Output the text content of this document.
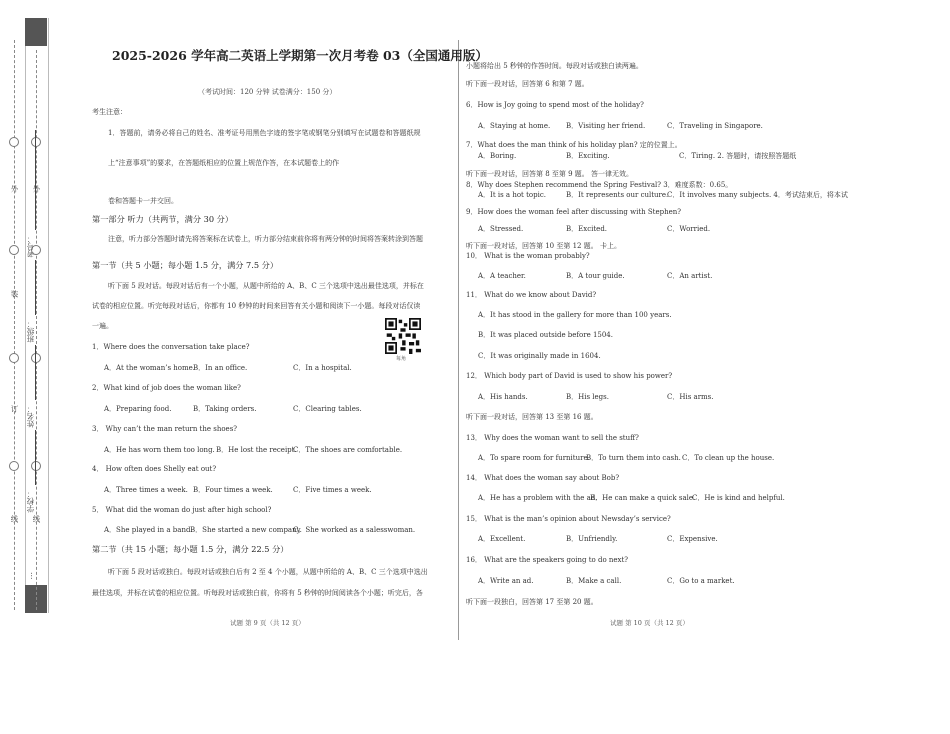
外
装
订
线
外
线
学校：
姓名：
班级：
考号：
…
2025-2026 学年高二英语上学期第一次月考卷 03（全国通用版）
（考试时间：120 分钟 试卷满分：150 分）
考生注意：
1．答题前，请务必将自己的姓名、准考证号用黑色字迹的签字笔或钢笔分别填写在试题卷和答题纸规
上“注意事项”的要求，在答题纸相应的位置上规范作答，在本试题卷上的作
卷和答题卡一并交回。
第一部分 听力（共两节，满分 30 分）
注意，听力部分答题时请先将答案标在试卷上，听力部分结束前你将有两分钟的时间将答案转涂到答题
第一节（共 5 小题；每小题 1.5 分，满分 7.5 分）
听下面 5 段对话。每段对话后有一个小题，从题中所给的 A、B、C 三个选项中选出最佳选项，并标在
试卷的相应位置。听完每段对话后，你都有 10 秒钟的时间来回答有关小题和阅读下一小题。每段对话仅读
一遍。
每角
1．Where does the conversation take place?
A．At the woman’s home.
B．In an office.	C．In a hospital.
2．What kind of job does the woman like?
A．Preparing food.	B．Taking orders.	C．Clearing tables.
3． Why can’t the man return the shoes?
A．He has worn them too long. B．He lost the receipt.
C．The shoes are comfortable.
4． How often does Shelly eat out?
A．Three times a week. B．Four times a week.	C．Five times a week.
5． What did the woman do just after high school?
A．She played in a band.
B．She started a new company.
C．She worked as a salesswoman.
第二节（共 15 小题；每小题 1.5 分，满分 22.5 分）
听下面 5 段对话或独白。每段对话或独白后有 2 至 4 个小题，从题中所给的 A、B、C 三个选项中选出
最佳选项，并标在试卷的相应位置。听每段对话或独白前，你将有 5 秒钟的时间阅读各个小题；听完后，各
试题 第 9 页（共 12 页）
小题将给出 5 秒钟的作答时间。每段对话或独白读两遍。
听下面一段对话，回答第 6 和第 7 题。
6．How is Joy going to spend most of the holiday?
A．Staying at home. B．Visiting her friend.	C．Traveling in Singapore.
7．What does the man think of his holiday plan? 定的位置上。
A．Boring.	B．Exciting.	C．Tiring. 2. 答题时，请按照答题纸
听下面一段对话，回答第 8 至第 9 题。 答一律无效。
8．Why does Stephen recommend the Spring Festival? 3．难度系数：0.65。
A．It is a hot topic.	B．It represents our culture.
C．It involves many subjects. 4．考试结束后，将本试
9．How does the woman feel after discussing with Stephen?
A．Stressed.	B．Excited.	C．Worried.
听下面一段对话，回答第 10 至第 12 题。 卡上。
10． What is the woman probably?
A．A teacher.	B．A tour guide.	C．An artist.
11． What do we know about David?
A．It has stood in the gallery for more than 100 years.
B．It was placed outside before 1504.
C．It was originally made in 1604.
12． Which body part of David is used to show his power?
A．His hands.	B．His legs.	C．His arms.
听下面一段对话，回答第 13 至第 16 题。
13． Why does the woman want to sell the stuff?
A．To spare room for furniture.
B．To turn them into cash. C．To clean up the house.
14． What does the woman say about Bob?
A．He has a problem with the ad.
B．He can make a quick sale.
C．He is kind and helpful.
15． What is the man’s opinion about Newsday’s service?
A．Excellent.	B．Unfriendly.	C．Expensive.
16． What are the speakers going to do next?
A．Write an ad.	B．Make a call.	C．Go to a market.
听下面一段独白，回答第 17 至第 20 题。
试题 第 10 页（共 12 页）
